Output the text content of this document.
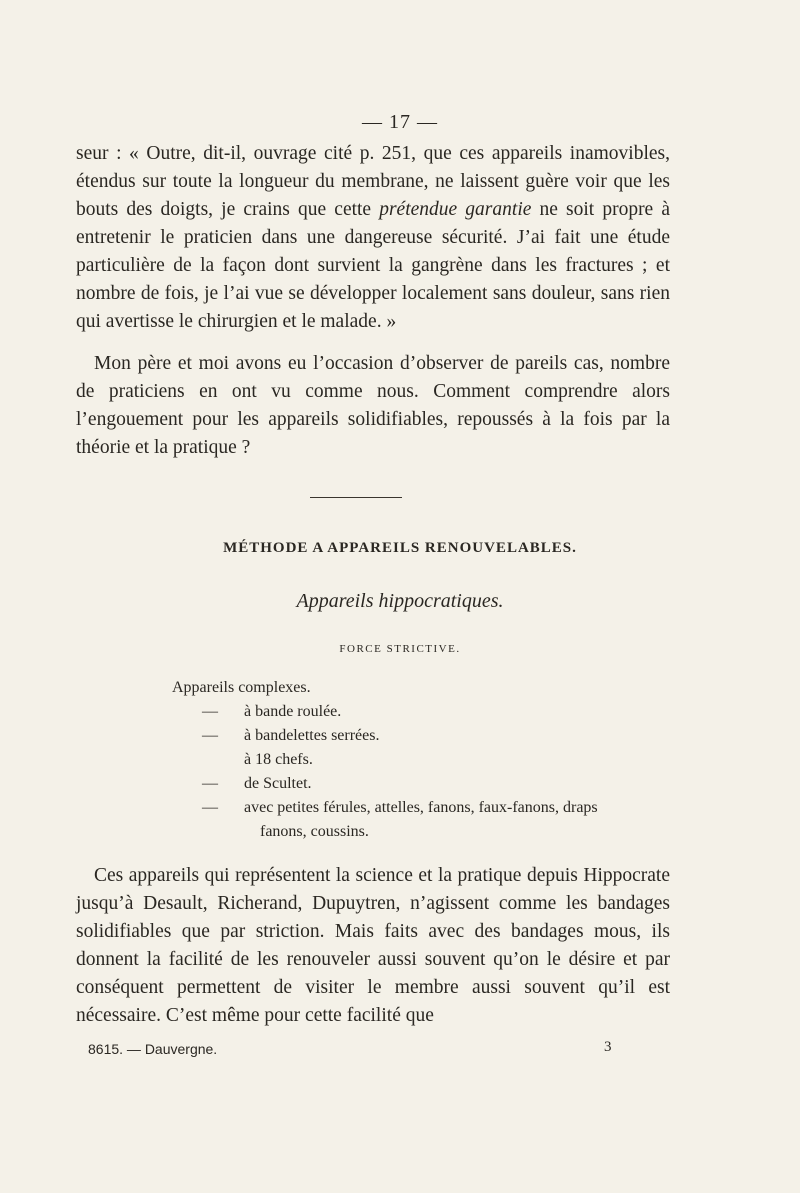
— 17 —

seur : « Outre, dit-il, ouvrage cité p. 251, que ces appareils inamovibles, étendus sur toute la longueur du membrane, ne laissent guère voir que les bouts des doigts, je crains que cette prétendue garantie ne soit propre à entretenir le praticien dans une dangereuse sécurité. J’ai fait une étude particulière de la façon dont survient la gangrène dans les fractures ; et nombre de fois, je l’ai vue se développer localement sans douleur, sans rien qui avertisse le chirurgien et le malade. »

Mon père et moi avons eu l’occasion d’observer de pareils cas, nombre de praticiens en ont vu comme nous. Comment comprendre alors l’engouement pour les appareils solidifiables, repoussés à la fois par la théorie et la pratique ?

MÉTHODE A APPAREILS RENOUVELABLES.
Appareils hippocratiques.
FORCE STRICTIVE.
Appareils complexes.
— à bande roulée.
— à bandelettes serrées.
à 18 chefs.
— de Scultet.
— avec petites férules, attelles, fanons, faux-fanons, draps
fanons, coussins.

Ces appareils qui représentent la science et la pratique depuis Hippocrate jusqu’à Desault, Richerand, Dupuytren, n’agissent comme les bandages solidifiables que par striction. Mais faits avec des bandages mous, ils donnent la facilité de les renouveler aussi souvent qu’on le désire et par conséquent permettent de visiter le membre aussi souvent qu’il est nécessaire. C’est même pour cette facilité que

8615. — Dauvergne.	3
